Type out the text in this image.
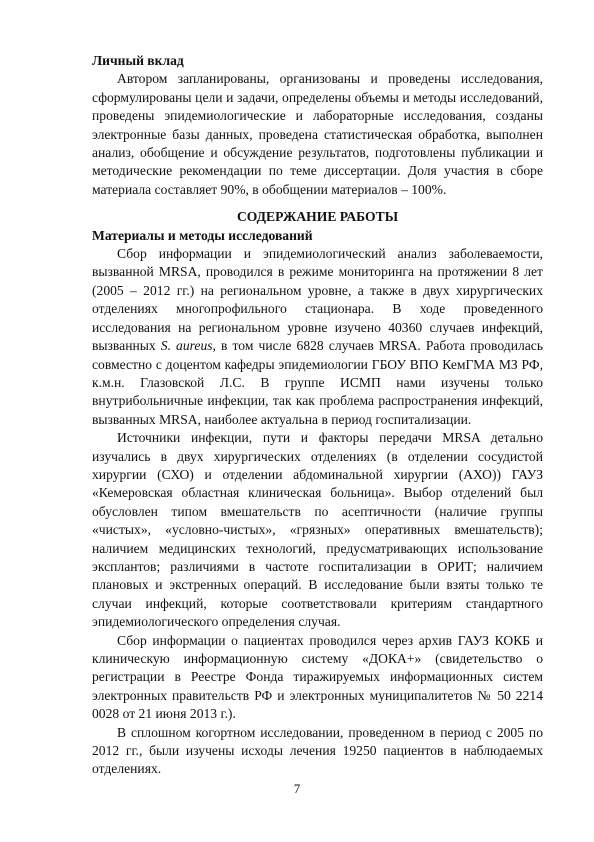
Личный вклад

Автором запланированы, организованы и проведены исследования, сформулированы цели и задачи, определены объемы и методы исследований, проведены эпидемиологические и лабораторные исследования, созданы электронные базы данных, проведена статистическая обработка, выполнен анализ, обобщение и обсуждение результатов, подготовлены публикации и методические рекомендации по теме диссертации. Доля участия в сборе материала составляет 90%, в обобщении материалов – 100%.

СОДЕРЖАНИЕ РАБОТЫ

Материалы и методы исследований

Сбор информации и эпидемиологический анализ заболеваемости, вызванной MRSA, проводился в режиме мониторинга на протяжении 8 лет (2005 – 2012 гг.) на региональном уровне, а также в двух хирургических отделениях многопрофильного стационара. В ходе проведенного исследования на региональном уровне изучено 40360 случаев инфекций, вызванных S. aureus, в том числе 6828 случаев MRSA. Работа проводилась совместно с доцентом кафедры эпидемиологии ГБОУ ВПО КемГМА МЗ РФ, к.м.н. Глазовской Л.С. В группе ИСМП нами изучены только внутрибольничные инфекции, так как проблема распространения инфекций, вызванных MRSA, наиболее актуальна в период госпитализации.

Источники инфекции, пути и факторы передачи MRSA детально изучались в двух хирургических отделениях (в отделении сосудистой хирургии (СХО) и отделении абдоминальной хирургии (АХО)) ГАУЗ «Кемеровская областная клиническая больница». Выбор отделений был обусловлен типом вмешательств по асептичности (наличие группы «чистых», «условно-чистых», «грязных» оперативных вмешательств); наличием медицинских технологий, предусматривающих использование эксплантов; различиями в частоте госпитализации в ОРИТ; наличием плановых и экстренных операций. В исследование были взяты только те случаи инфекций, которые соответствовали критериям стандартного эпидемиологического определения случая.

Сбор информации о пациентах проводился через архив ГАУЗ КОКБ и клиническую информационную систему «ДОКА+» (свидетельство о регистрации в Реестре Фонда тиражируемых информационных систем электронных правительств РФ и электронных муниципалитетов № 50 2214 0028 от 21 июня 2013 г.).

В сплошном когортном исследовании, проведенном в период с 2005 по 2012 гг., были изучены исходы лечения 19250 пациентов в наблюдаемых отделениях.

7
